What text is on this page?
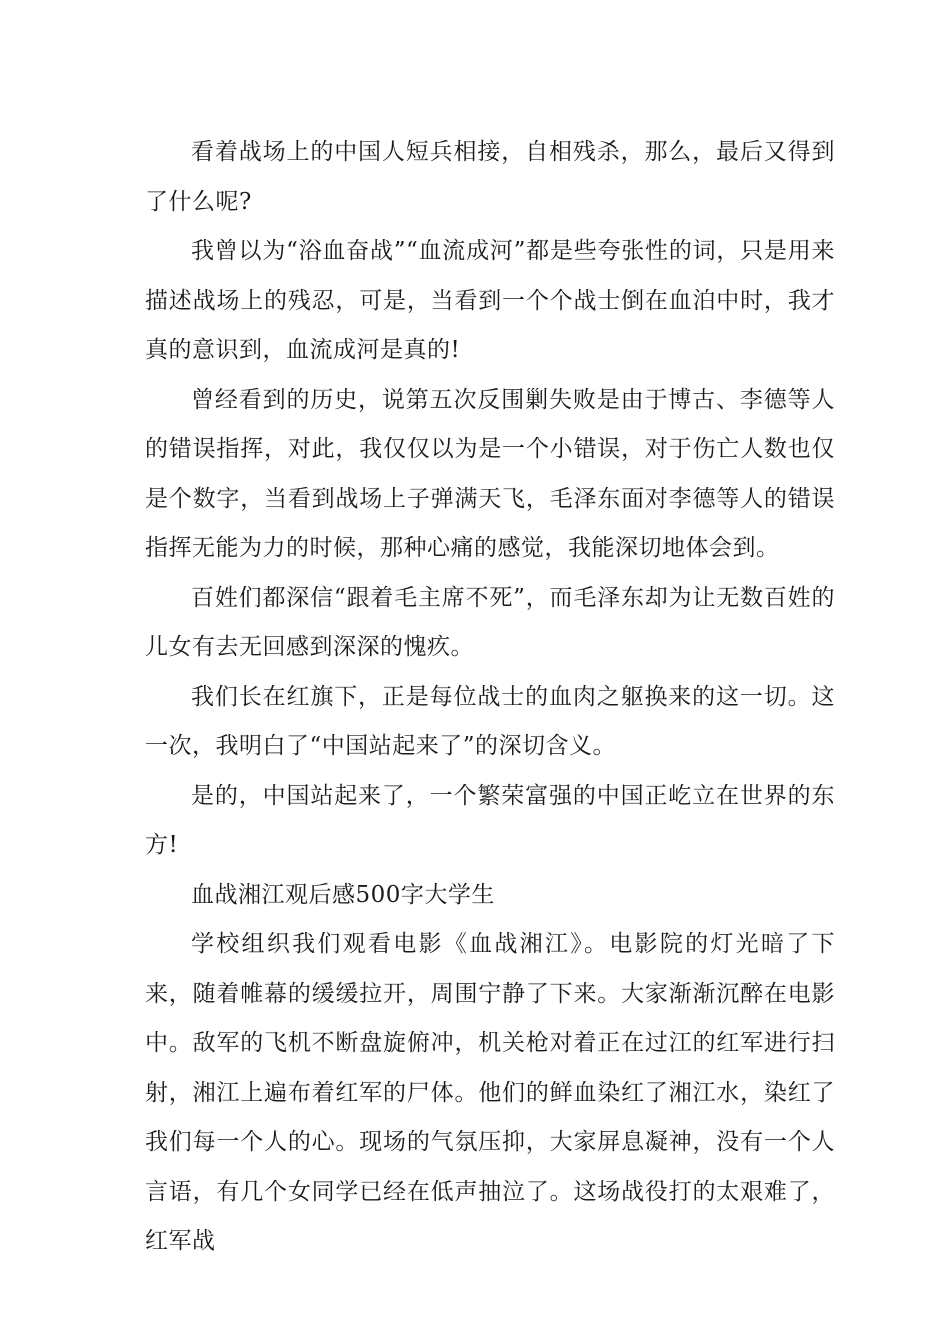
看着战场上的中国人短兵相接，自相残杀，那么，最后又得到了什么呢?

我曾以为“浴血奋战”“血流成河”都是些夸张性的词，只是用来描述战场上的残忍，可是，当看到一个个战士倒在血泊中时，我才真的意识到，血流成河是真的!

曾经看到的历史，说第五次反围剿失败是由于博古、李德等人的错误指挥，对此，我仅仅以为是一个小错误，对于伤亡人数也仅是个数字，当看到战场上子弹满天飞，毛泽东面对李德等人的错误指挥无能为力的时候，那种心痛的感觉，我能深切地体会到。

百姓们都深信“跟着毛主席不死”，而毛泽东却为让无数百姓的儿女有去无回感到深深的愧疚。

我们长在红旗下，正是每位战士的血肉之躯换来的这一切。这一次，我明白了“中国站起来了”的深切含义。

是的，中国站起来了，一个繁荣富强的中国正屹立在世界的东方!

血战湘江观后感500字大学生

学校组织我们观看电影《血战湘江》。电影院的灯光暗了下来，随着帷幕的缓缓拉开，周围宁静了下来。大家渐渐沉醉在电影中。敌军的飞机不断盘旋俯冲，机关枪对着正在过江的红军进行扫射，湘江上遍布着红军的尸体。他们的鲜血染红了湘江水，染红了我们每一个人的心。现场的气氛压抑，大家屏息凝神，没有一个人言语，有几个女同学已经在低声抽泣了。这场战役打的太艰难了，红军战
